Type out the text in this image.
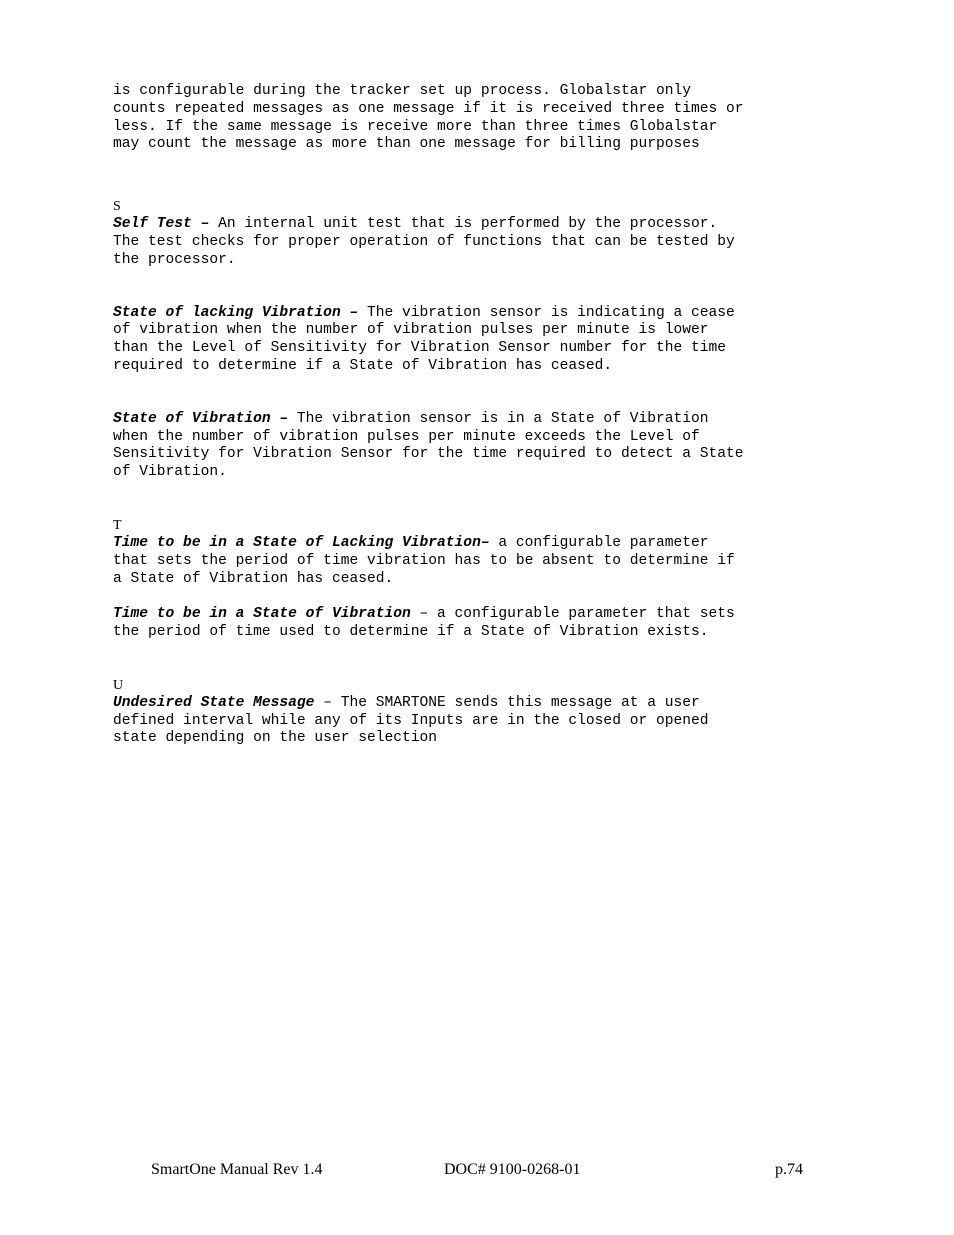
is configurable during the tracker set up process. Globalstar only
counts repeated messages as one message if it is received three times or
less. If the same message is receive more than three times Globalstar
may count the message as more than one message for billing purposes
S
Self Test – An internal unit test that is performed by the processor.
The test checks for proper operation of functions that can be tested by
the processor.
State of lacking Vibration – The vibration sensor is indicating a cease
of vibration when the number of vibration pulses per minute is lower
than the Level of Sensitivity for Vibration Sensor number for the time
required to determine if a State of Vibration has ceased.
State of Vibration – The vibration sensor is in a State of Vibration
when the number of vibration pulses per minute exceeds the Level of
Sensitivity for Vibration Sensor for the time required to detect a State
of Vibration.
T
Time to be in a State of Lacking Vibration– a configurable parameter
that sets the period of time vibration has to be absent to determine if
a State of Vibration has ceased.
Time to be in a State of Vibration – a configurable parameter that sets
the period of time used to determine if a State of Vibration exists.
U
Undesired State Message – The SMARTONE sends this message at a user
defined interval while any of its Inputs are in the closed or opened
state depending on the user selection
SmartOne Manual Rev 1.4	DOC# 9100-0268-01	p.74
